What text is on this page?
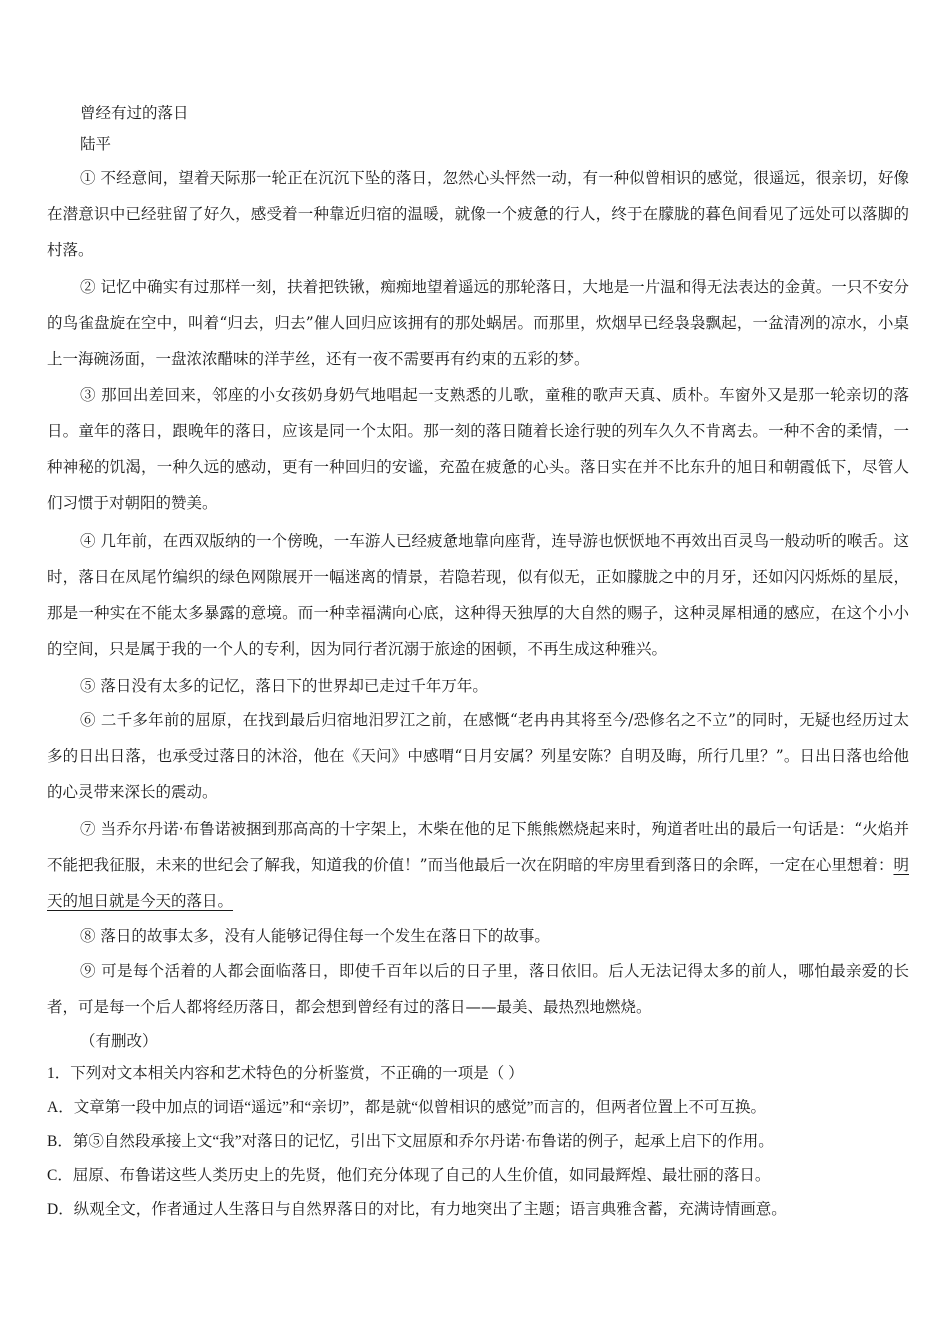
曾经有过的落日
陆平

① 不经意间，望着天际那一轮正在沉沉下坠的落日，忽然心头怦然一动，有一种似曾相识的感觉，很遥远，很亲切，好像在潜意识中已经驻留了好久，感受着一种靠近归宿的温暖，就像一个疲惫的行人，终于在朦胧的暮色间看见了远处可以落脚的村落。

② 记忆中确实有过那样一刻，扶着把铁锹，痴痴地望着遥远的那轮落日，大地是一片温和得无法表达的金黄。一只不安分的鸟雀盘旋在空中，叫着“归去，归去”催人回归应该拥有的那处蜗居。而那里，炊烟早已经袅袅飘起，一盆清冽的凉水，小桌上一海碗汤面，一盘浓浓醋味的洋芋丝，还有一夜不需要再有约束的五彩的梦。

③ 那回出差回来，邻座的小女孩奶身奶气地唱起一支熟悉的儿歌，童稚的歌声天真、质朴。车窗外又是那一轮亲切的落日。童年的落日，跟晚年的落日，应该是同一个太阳。那一刻的落日随着长途行驶的列车久久不肯离去。一种不舍的柔情，一种神秘的饥渴，一种久远的感动，更有一种回归的安谧，充盈在疲惫的心头。落日实在并不比东升的旭日和朝霞低下，尽管人们习惯于对朝阳的赞美。

④ 几年前，在西双版纳的一个傍晚，一车游人已经疲惫地靠向座背，连导游也恹恹地不再效出百灵鸟一般动听的喉舌。这时，落日在凤尾竹编织的绿色网隙展开一幅迷离的情景，若隐若现，似有似无，正如朦胧之中的月牙，还如闪闪烁烁的星辰，那是一种实在不能太多暴露的意境。而一种幸福满向心底，这种得天独厚的大自然的赐子，这种灵犀相通的感应，在这个小小的空间，只是属于我的一个人的专利，因为同行者沉溺于旅途的困顿，不再生成这种雅兴。

⑤ 落日没有太多的记忆，落日下的世界却已走过千年万年。

⑥ 二千多年前的屈原，在找到最后归宿地汨罗江之前，在感慨“老冉冉其将至今/恐修名之不立”的同时，无疑也经历过太多的日出日落，也承受过落日的沐浴，他在《天问》中感喟“日月安属？列星安陈？自明及晦，所行几里？”。日出日落也给他的心灵带来深长的震动。

⑦ 当乔尔丹诺·布鲁诺被捆到那高高的十字架上，木柴在他的足下熊熊燃烧起来时，殉道者吐出的最后一句话是：“火焰并不能把我征服，未来的世纪会了解我，知道我的价值！”而当他最后一次在阴暗的牢房里看到落日的余晖，一定在心里想着：明天的旭日就是今天的落日。

⑧ 落日的故事太多，没有人能够记得住每一个发生在落日下的故事。

⑨ 可是每个活着的人都会面临落日，即使千百年以后的日子里，落日依旧。后人无法记得太多的前人，哪怕最亲爱的长者，可是每一个后人都将经历落日，都会想到曾经有过的落日——最美、最热烈地燃烧。

（有删改）
1．下列对文本相关内容和艺术特色的分析鉴赏，不正确的一项是（ ）
A．文章第一段中加点的词语“遥远”和“亲切”，都是就“似曾相识的感觉”而言的，但两者位置上不可互换。
B．第⑤自然段承接上文“我”对落日的记忆，引出下文屈原和乔尔丹诺·布鲁诺的例子，起承上启下的作用。
C．屈原、布鲁诺这些人类历史上的先贤，他们充分体现了自己的人生价值，如同最辉煌、最壮丽的落日。
D．纵观全文，作者通过人生落日与自然界落日的对比，有力地突出了主题；语言典雅含蓄，充满诗情画意。
